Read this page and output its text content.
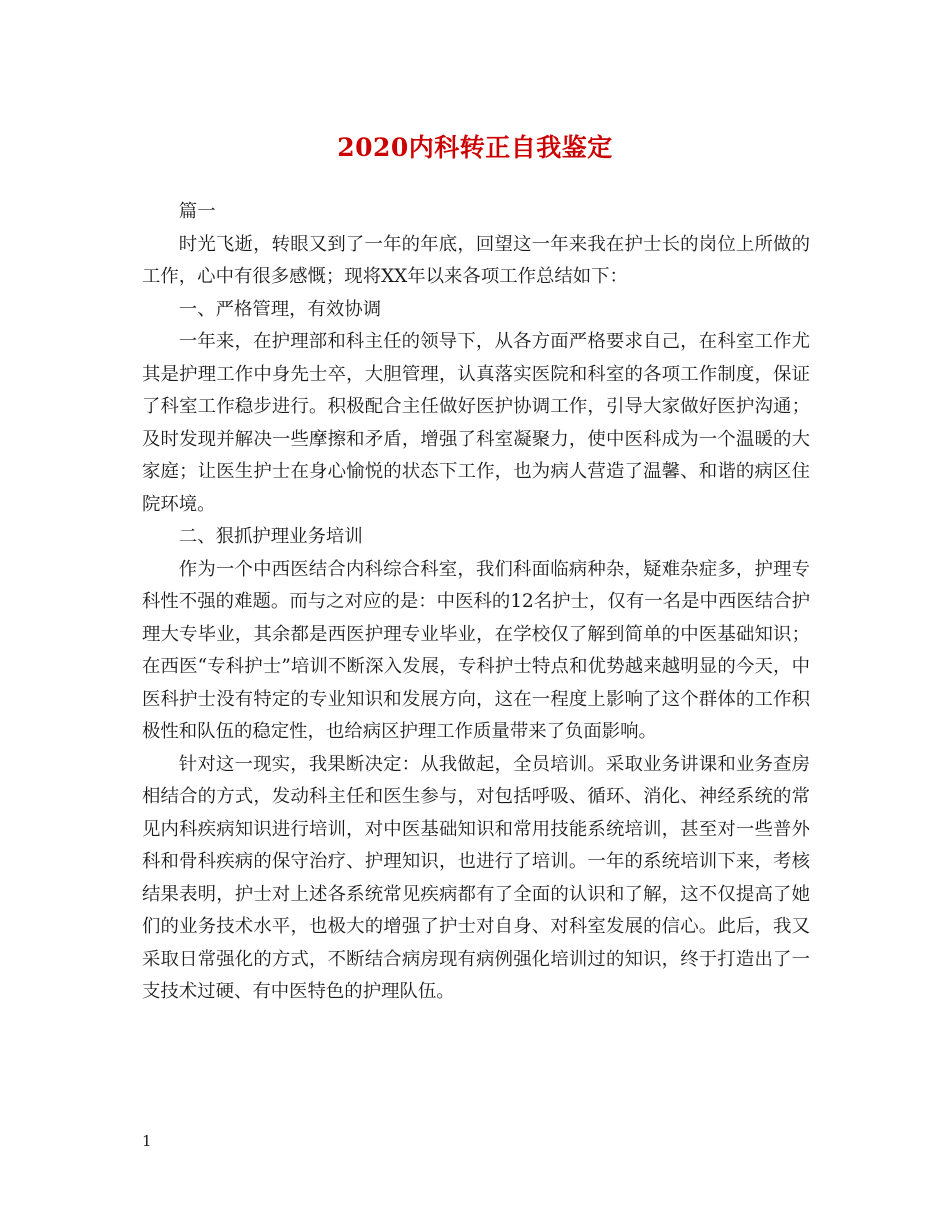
2020内科转正自我鉴定

篇一

时光飞逝，转眼又到了一年的年底，回望这一年来我在护士长的岗位上所做的工作，心中有很多感慨；现将XX年以来各项工作总结如下：

一、严格管理，有效协调

一年来，在护理部和科主任的领导下，从各方面严格要求自己，在科室工作尤其是护理工作中身先士卒，大胆管理，认真落实医院和科室的各项工作制度，保证了科室工作稳步进行。积极配合主任做好医护协调工作，引导大家做好医护沟通；及时发现并解决一些摩擦和矛盾，增强了科室凝聚力，使中医科成为一个温暖的大家庭；让医生护士在身心愉悦的状态下工作，也为病人营造了温馨、和谐的病区住院环境。

二、狠抓护理业务培训

作为一个中西医结合内科综合科室，我们科面临病种杂，疑难杂症多，护理专科性不强的难题。而与之对应的是：中医科的12名护士，仅有一名是中西医结合护理大专毕业，其余都是西医护理专业毕业，在学校仅了解到简单的中医基础知识；在西医“专科护士”培训不断深入发展，专科护士特点和优势越来越明显的今天，中医科护士没有特定的专业知识和发展方向，这在一程度上影响了这个群体的工作积极性和队伍的稳定性，也给病区护理工作质量带来了负面影响。

针对这一现实，我果断决定：从我做起，全员培训。采取业务讲课和业务查房相结合的方式，发动科主任和医生参与，对包括呼吸、循环、消化、神经系统的常见内科疾病知识进行培训，对中医基础知识和常用技能系统培训，甚至对一些普外科和骨科疾病的保守治疗、护理知识，也进行了培训。一年的系统培训下来，考核结果表明，护士对上述各系统常见疾病都有了全面的认识和了解，这不仅提高了她们的业务技术水平，也极大的增强了护士对自身、对科室发展的信心。此后，我又采取日常强化的方式，不断结合病房现有病例强化培训过的知识，终于打造出了一支技术过硬、有中医特色的护理队伍。

1
